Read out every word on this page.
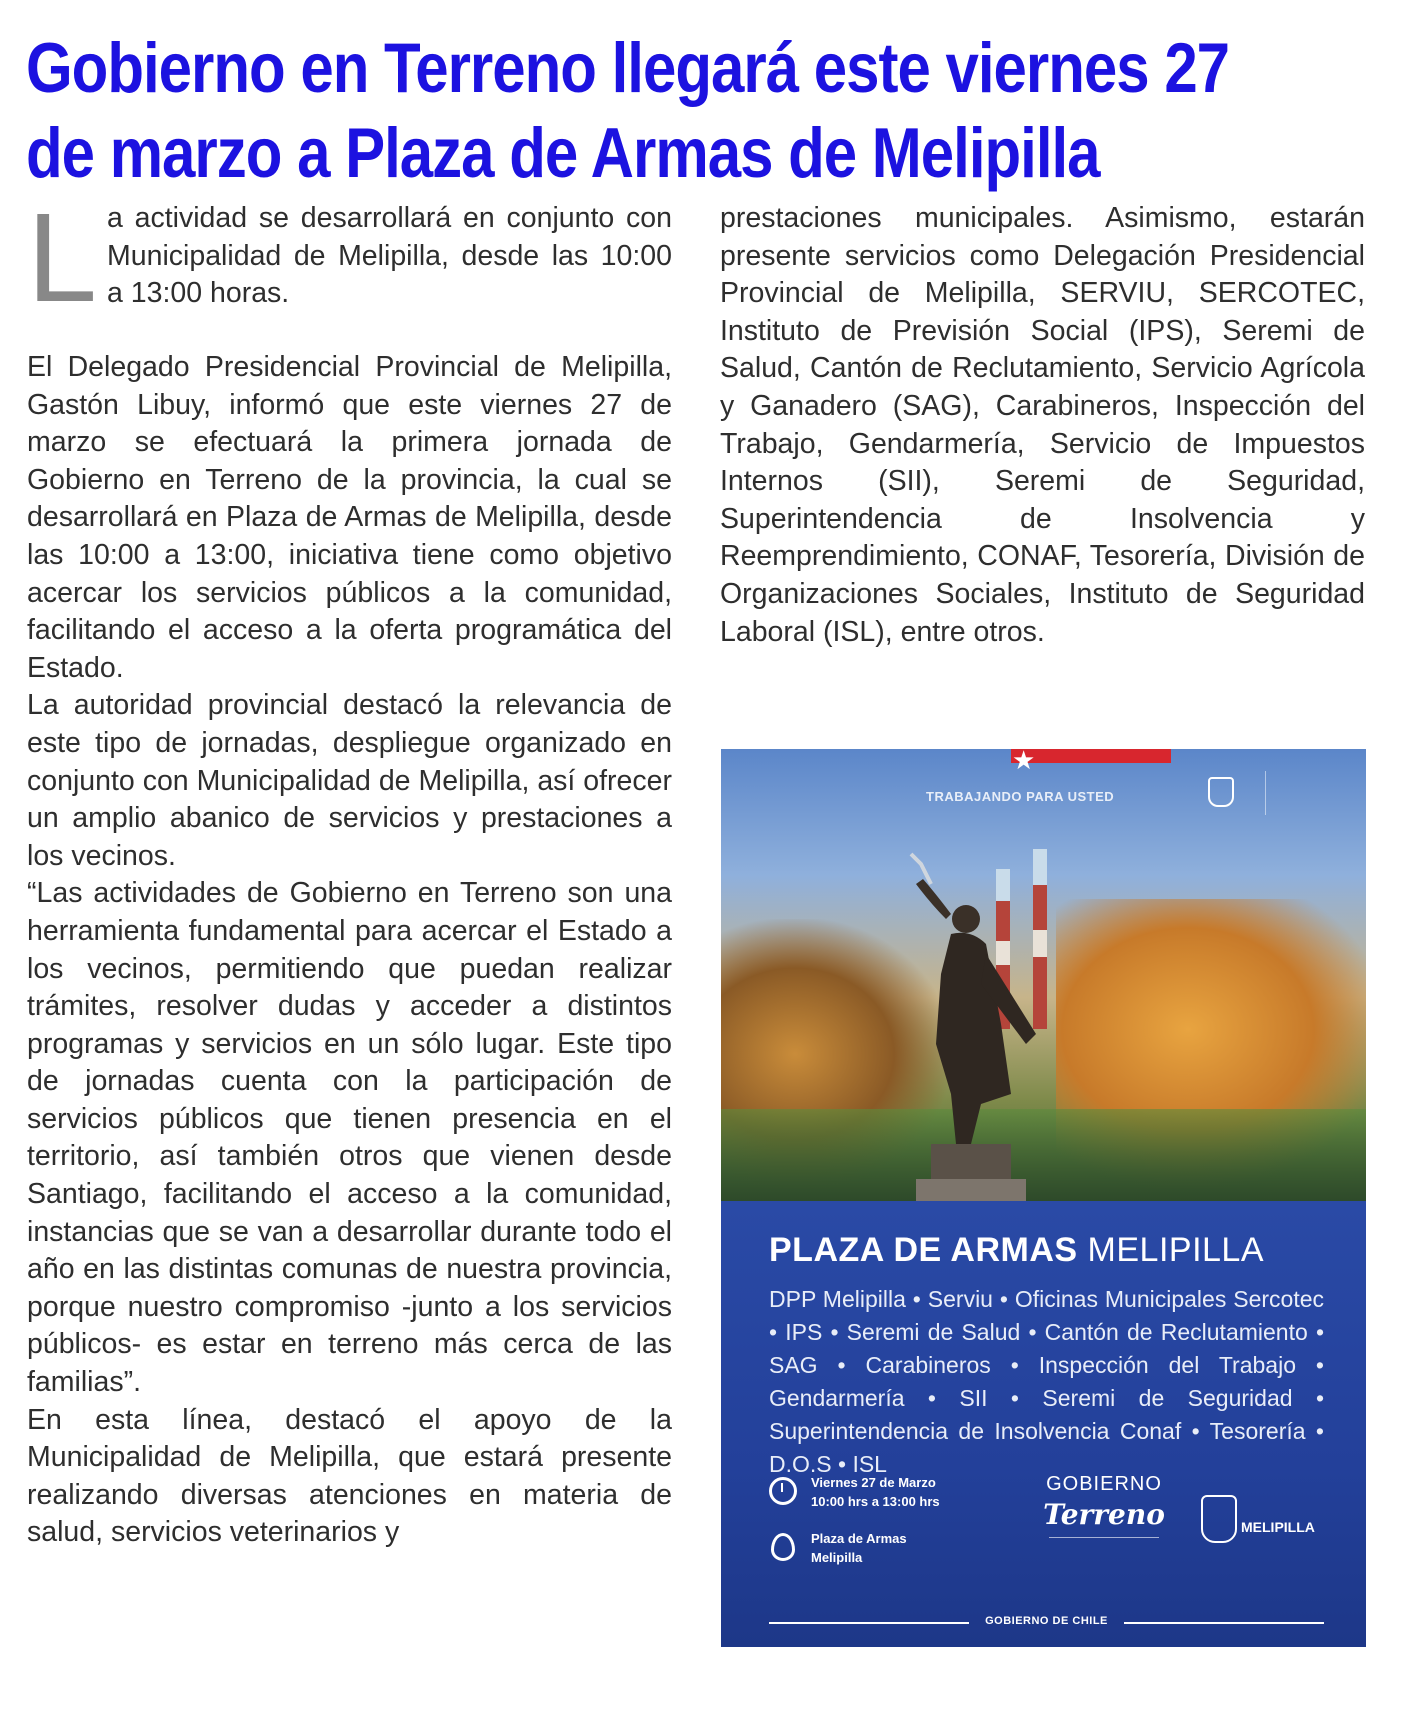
Gobierno en Terreno llegará este viernes 27
de marzo a Plaza de Armas de Melipilla
L a actividad se desarrollará en conjunto con Municipalidad de Melipilla, desde las 10:00 a 13:00 horas.

El Delegado Presidencial Provincial de Melipilla, Gastón Libuy, informó que este viernes 27 de marzo se efectuará la primera jornada de Gobierno en Terreno de la provincia, la cual se desarrollará en Plaza de Armas de Melipilla, desde las 10:00 a 13:00, iniciativa tiene como objetivo acercar los servicios públicos a la comunidad, facilitando el acceso a la oferta programática del Estado.

La autoridad provincial destacó la relevancia de este tipo de jornadas, despliegue organizado en conjunto con Municipalidad de Melipilla, así ofrecer un amplio abanico de servicios y prestaciones a los vecinos.

“Las actividades de Gobierno en Terreno son una herramienta fundamental para acercar el Estado a los vecinos, permitiendo que puedan realizar trámites, resolver dudas y acceder a distintos programas y servicios en un sólo lugar. Este tipo de jornadas cuenta con la participación de servicios públicos que tienen presencia en el territorio, así también otros que vienen desde Santiago, facilitando el acceso a la comunidad, instancias que se van a desarrollar durante todo el año en las distintas comunas de nuestra provincia, porque nuestro compromiso -junto a los servicios públicos- es estar en terreno más cerca de las familias”.

En esta línea, destacó el apoyo de la Municipalidad de Melipilla, que estará presente realizando diversas atenciones en materia de salud, servicios veterinarios y

prestaciones municipales. Asimismo, estarán presente servicios como Delegación Presidencial Provincial de Melipilla, SERVIU, SERCOTEC, Instituto de Previsión Social (IPS), Seremi de Salud, Cantón de Reclutamiento, Servicio Agrícola y Ganadero (SAG), Carabineros, Inspección del Trabajo, Gendarmería, Servicio de Impuestos Internos (SII), Seremi de Seguridad, Superintendencia de Insolvencia y Reemprendimiento, CONAF, Tesorería, División de Organizaciones Sociales, Instituto de Seguridad Laboral (ISL), entre otros.

★
TRABAJANDO PARA USTED
PLAZA DE ARMAS MELIPILLA
DPP Melipilla • Serviu • Oficinas Municipales Sercotec • IPS • Seremi de Salud • Cantón de Reclutamiento • SAG • Carabineros • Inspección del Trabajo • Gendarmería • SII • Seremi de Seguridad • Superintendencia de Insolvencia Conaf • Tesorería • D.O.S • ISL
Viernes 27 de Marzo
10:00 hrs a 13:00 hrs
Plaza de Armas
Melipilla
GOBIERNO
Terreno	MELIPILLA
GOBIERNO DE CHILE
